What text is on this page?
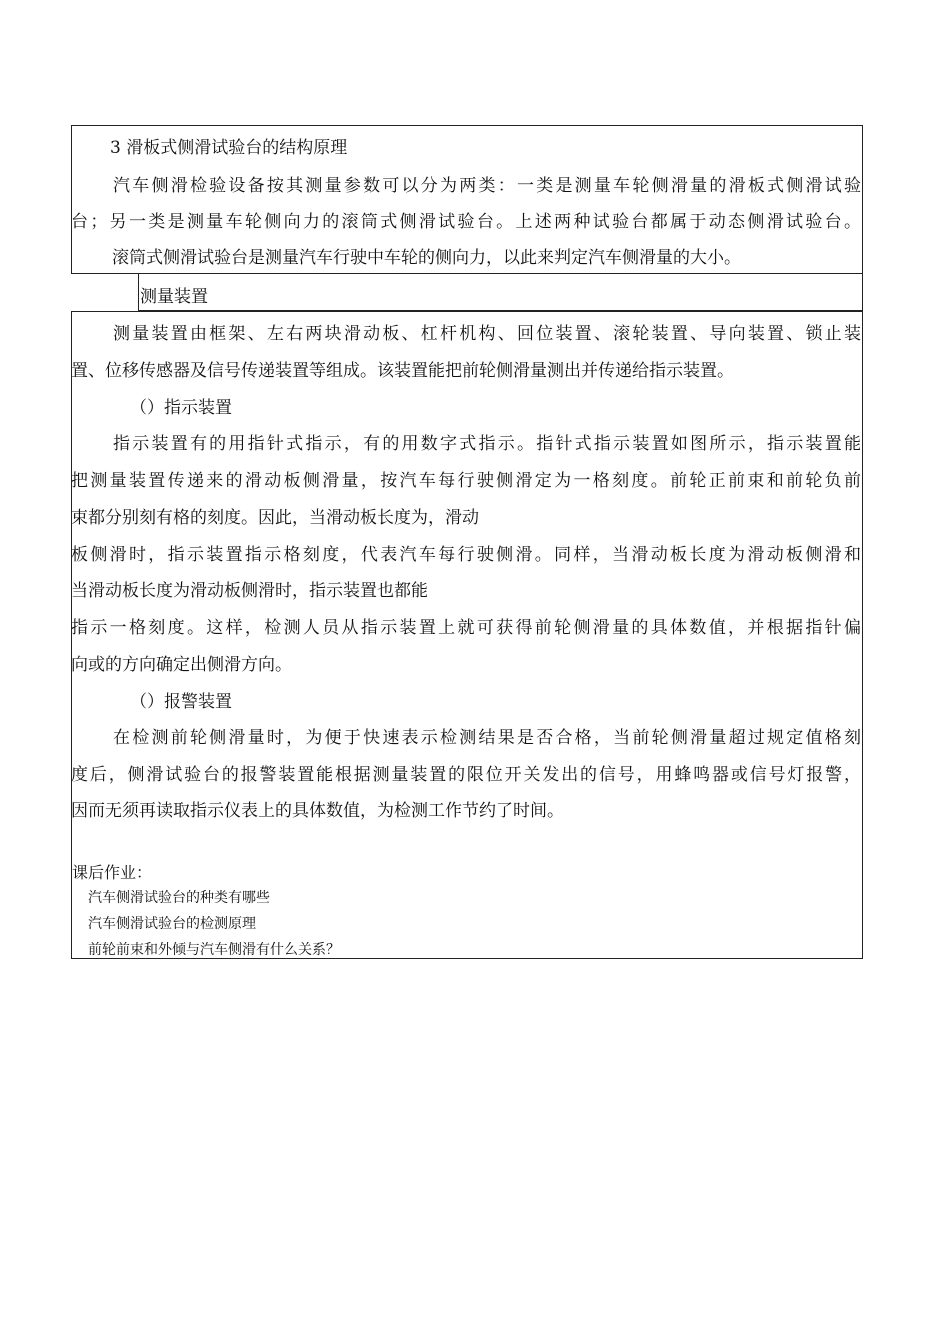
3 滑板式侧滑试验台的结构原理
汽车侧滑检验设备按其测量参数可以分为两类：一类是测量车轮侧滑量的滑板式侧滑试验
台；另一类是测量车轮侧向力的滚筒式侧滑试验台。上述两种试验台都属于动态侧滑试验台。
滚筒式侧滑试验台是测量汽车行驶中车轮的侧向力，以此来判定汽车侧滑量的大小。
测量装置
测量装置由框架、左右两块滑动板、杠杆机构、回位装置、滚轮装置、导向装置、锁止装
置、位移传感器及信号传递装置等组成。该装置能把前轮侧滑量测出并传递给指示装置。
（）指示装置
指示装置有的用指针式指示，有的用数字式指示。指针式指示装置如图所示，指示装置能
把测量装置传递来的滑动板侧滑量，按汽车每行驶侧滑定为一格刻度。前轮正前束和前轮负前
束都分别刻有格的刻度。因此，当滑动板长度为，滑动
板侧滑时，指示装置指示格刻度，代表汽车每行驶侧滑。同样，当滑动板长度为滑动板侧滑和
当滑动板长度为滑动板侧滑时，指示装置也都能
指示一格刻度。这样，检测人员从指示装置上就可获得前轮侧滑量的具体数值，并根据指针偏
向或的方向确定出侧滑方向。
（）报警装置
在检测前轮侧滑量时，为便于快速表示检测结果是否合格，当前轮侧滑量超过规定值格刻
度后，侧滑试验台的报警装置能根据测量装置的限位开关发出的信号，用蜂鸣器或信号灯报警，
因而无须再读取指示仪表上的具体数值，为检测工作节约了时间。
课后作业：
汽车侧滑试验台的种类有哪些
汽车侧滑试验台的检测原理
前轮前束和外倾与汽车侧滑有什么关系？
